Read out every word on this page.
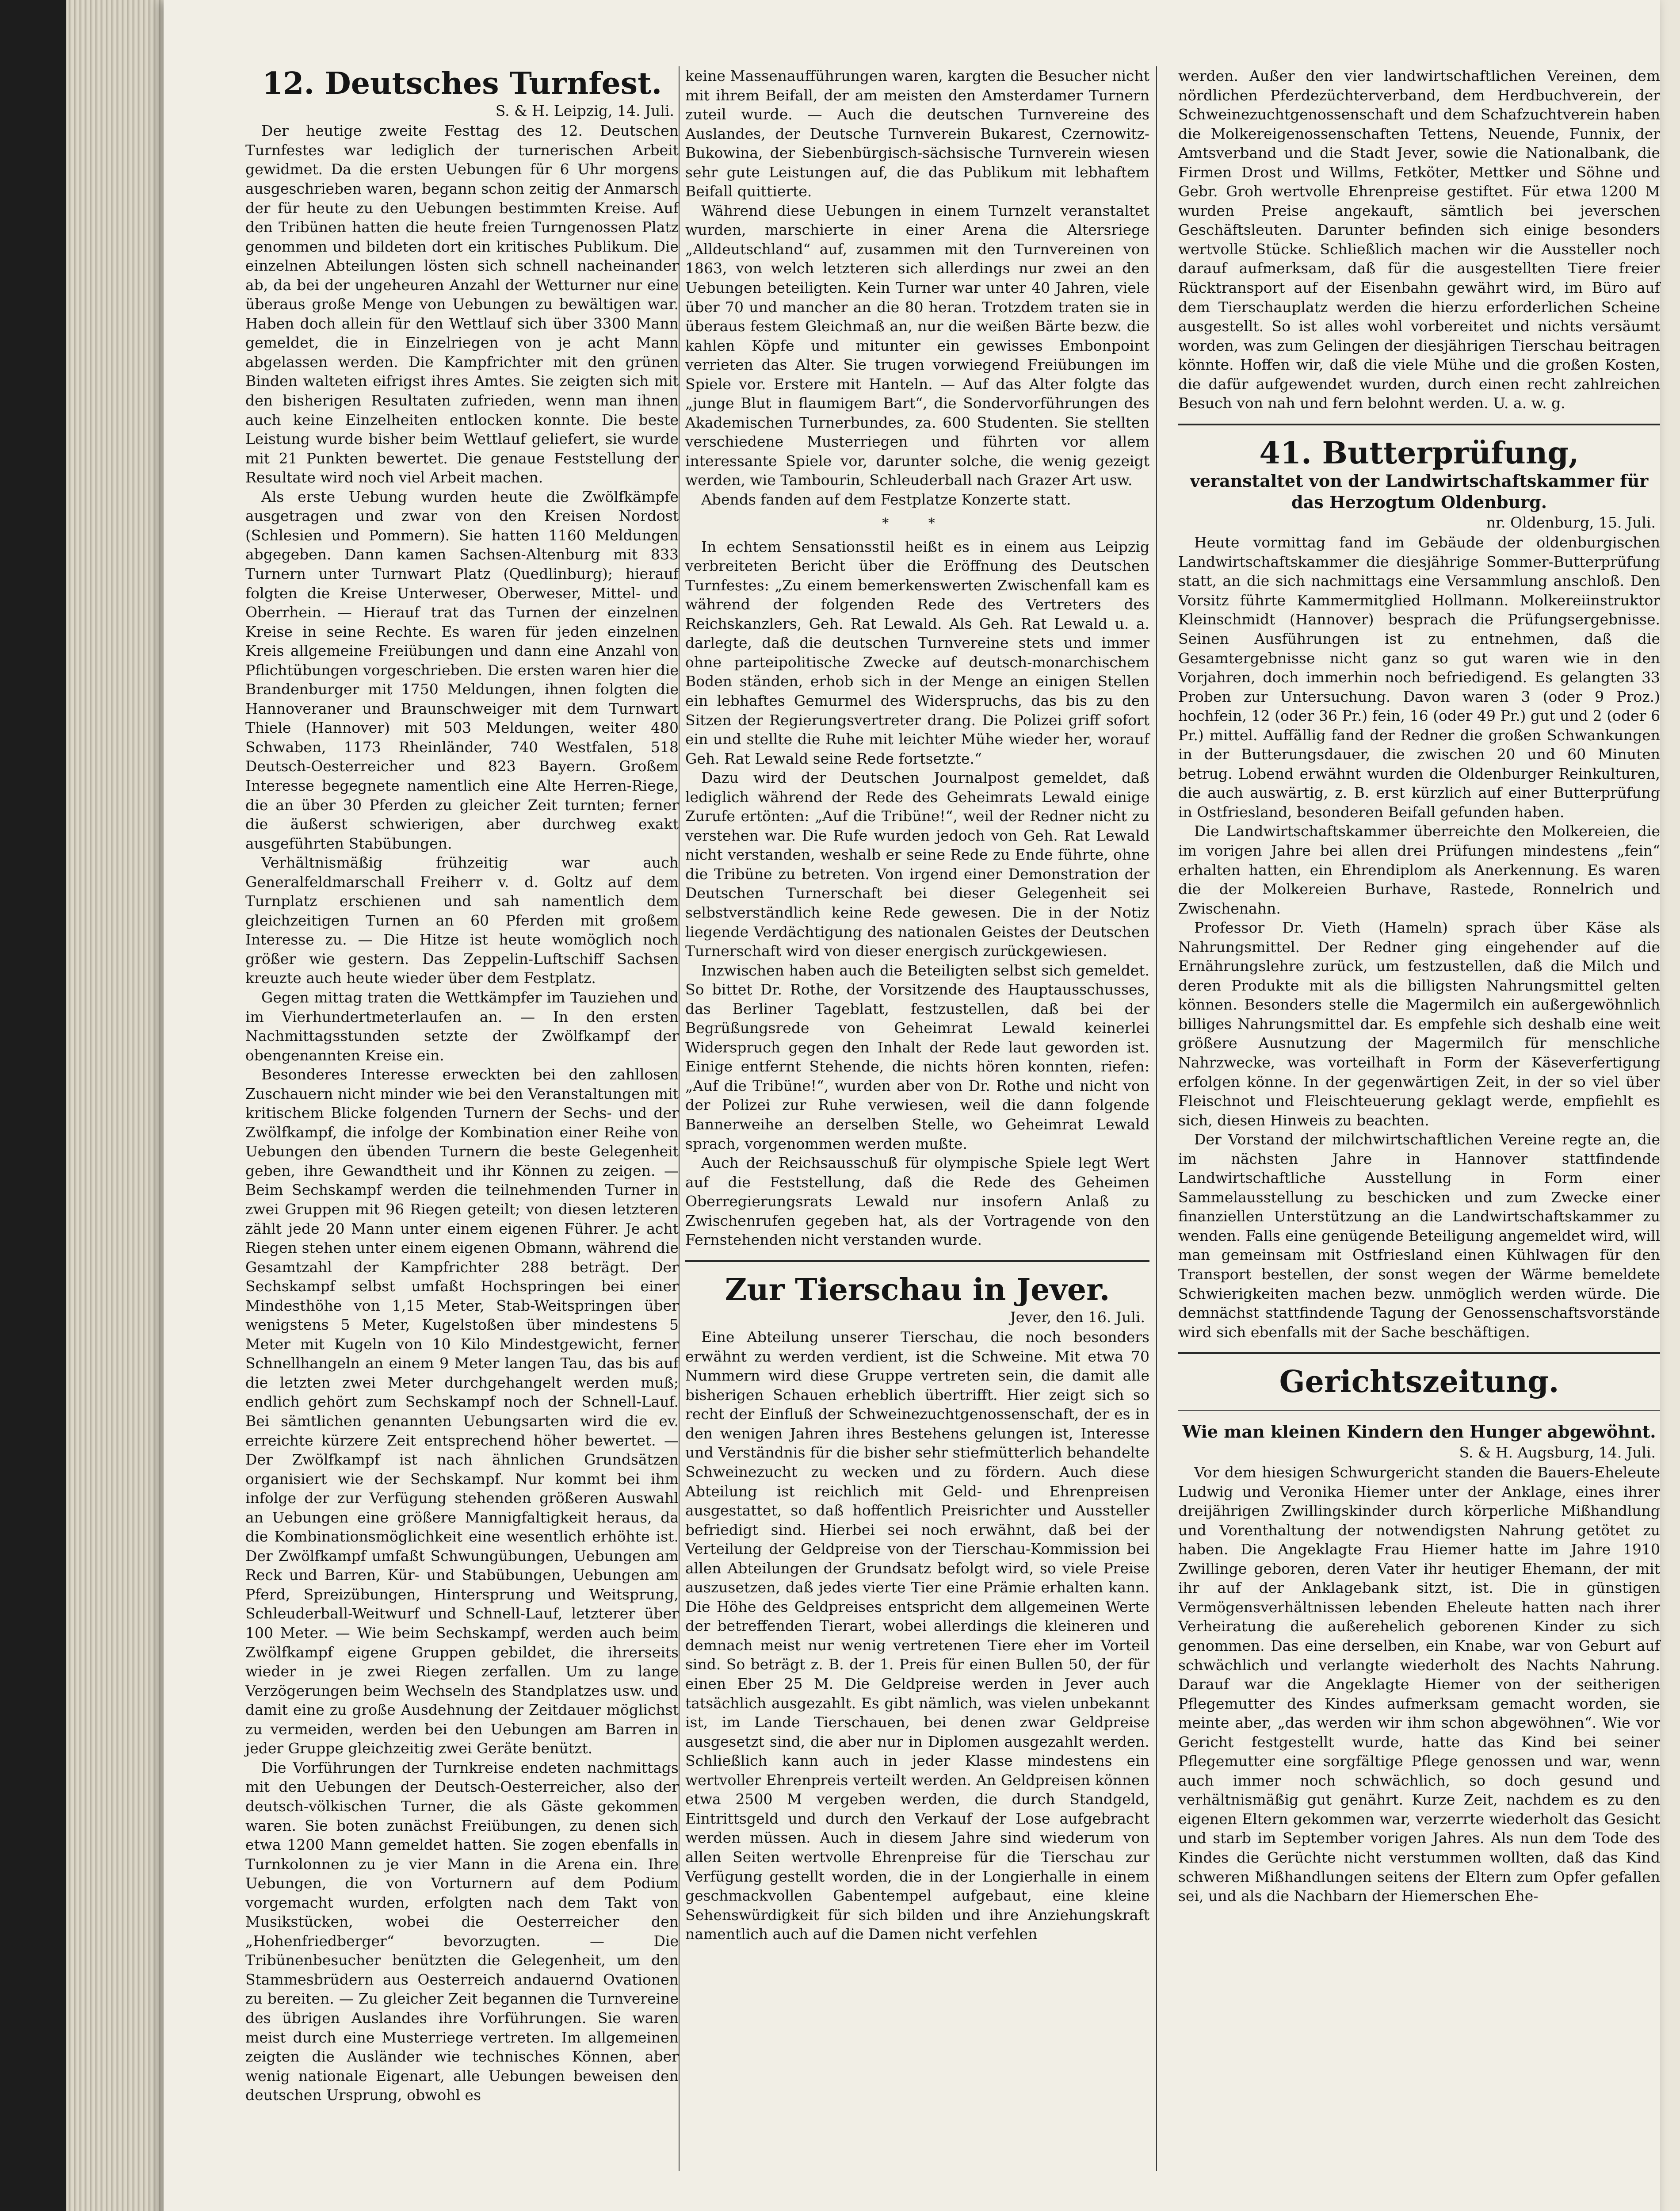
12. Deutsches Turnfest.

S. & H. Leipzig, 14. Juli.

Der heutige zweite Festtag des 12. Deutschen Turnfestes war lediglich der turnerischen Arbeit gewidmet. Da die ersten Uebungen für 6 Uhr morgens ausgeschrieben waren, begann schon zeitig der Anmarsch der für heute zu den Uebungen bestimmten Kreise. Auf den Tribünen hatten die heute freien Turngenossen Platz genommen und bildeten dort ein kritisches Publikum. Die einzelnen Abteilungen lösten sich schnell nacheinander ab, da bei der ungeheuren Anzahl der Wetturner nur eine überaus große Menge von Uebungen zu bewältigen war. Haben doch allein für den Wettlauf sich über 3300 Mann gemeldet, die in Einzelriegen von je acht Mann abgelassen werden. Die Kampfrichter mit den grünen Binden walteten eifrigst ihres Amtes. Sie zeigten sich mit den bisherigen Resultaten zufrieden, wenn man ihnen auch keine Einzelheiten entlocken konnte. Die beste Leistung wurde bisher beim Wettlauf geliefert, sie wurde mit 21 Punkten bewertet. Die genaue Feststellung der Resultate wird noch viel Arbeit machen.

Als erste Uebung wurden heute die Zwölfkämpfe ausgetragen und zwar von den Kreisen Nordost (Schlesien und Pommern). Sie hatten 1160 Meldungen abgegeben. Dann kamen Sachsen-Altenburg mit 833 Turnern unter Turnwart Platz (Quedlinburg); hierauf folgten die Kreise Unterweser, Oberweser, Mittel- und Oberrhein. — Hierauf trat das Turnen der einzelnen Kreise in seine Rechte. Es waren für jeden einzelnen Kreis allgemeine Freiübungen und dann eine Anzahl von Pflichtübungen vorgeschrieben. Die ersten waren hier die Brandenburger mit 1750 Meldungen, ihnen folgten die Hannoveraner und Braunschweiger mit dem Turnwart Thiele (Hannover) mit 503 Meldungen, weiter 480 Schwaben, 1173 Rheinländer, 740 Westfalen, 518 Deutsch-Oesterreicher und 823 Bayern. Großem Interesse begegnete namentlich eine Alte Herren-Riege, die an über 30 Pferden zu gleicher Zeit turnten; ferner die äußerst schwierigen, aber durchweg exakt ausgeführten Stabübungen.

Verhältnismäßig frühzeitig war auch Generalfeldmarschall Freiherr v. d. Goltz auf dem Turnplatz erschienen und sah namentlich dem gleichzeitigen Turnen an 60 Pferden mit großem Interesse zu. — Die Hitze ist heute womöglich noch größer wie gestern. Das Zeppelin-Luftschiff Sachsen kreuzte auch heute wieder über dem Festplatz.

Gegen mittag traten die Wettkämpfer im Tauziehen und im Vierhundertmeterlaufen an. — In den ersten Nachmittagsstunden setzte der Zwölfkampf der obengenannten Kreise ein.

Besonderes Interesse erweckten bei den zahllosen Zuschauern nicht minder wie bei den Veranstaltungen mit kritischem Blicke folgenden Turnern der Sechs- und der Zwölfkampf, die infolge der Kombination einer Reihe von Uebungen den übenden Turnern die beste Gelegenheit geben, ihre Gewandtheit und ihr Können zu zeigen. — Beim Sechskampf werden die teilnehmenden Turner in zwei Gruppen mit 96 Riegen geteilt; von diesen letzteren zählt jede 20 Mann unter einem eigenen Führer. Je acht Riegen stehen unter einem eigenen Obmann, während die Gesamtzahl der Kampfrichter 288 beträgt. Der Sechskampf selbst umfaßt Hochspringen bei einer Mindesthöhe von 1,15 Meter, Stab-Weitspringen über wenigstens 5 Meter, Kugelstoßen über mindestens 5 Meter mit Kugeln von 10 Kilo Mindestgewicht, ferner Schnellhangeln an einem 9 Meter langen Tau, das bis auf die letzten zwei Meter durchgehangelt werden muß; endlich gehört zum Sechskampf noch der Schnell-Lauf. Bei sämtlichen genannten Uebungsarten wird die ev. erreichte kürzere Zeit entsprechend höher bewertet. — Der Zwölfkampf ist nach ähnlichen Grundsätzen organisiert wie der Sechskampf. Nur kommt bei ihm infolge der zur Verfügung stehenden größeren Auswahl an Uebungen eine größere Mannigfaltigkeit heraus, da die Kombinationsmöglichkeit eine wesentlich erhöhte ist. Der Zwölfkampf umfaßt Schwungübungen, Uebungen am Reck und Barren, Kür- und Stabübungen, Uebungen am Pferd, Spreizübungen, Hintersprung und Weitsprung, Schleuderball-Weitwurf und Schnell-Lauf, letzterer über 100 Meter. — Wie beim Sechskampf, werden auch beim Zwölfkampf eigene Gruppen gebildet, die ihrerseits wieder in je zwei Riegen zerfallen. Um zu lange Verzögerungen beim Wechseln des Standplatzes usw. und damit eine zu große Ausdehnung der Zeitdauer möglichst zu vermeiden, werden bei den Uebungen am Barren in jeder Gruppe gleichzeitig zwei Geräte benützt.

Die Vorführungen der Turnkreise endeten nachmittags mit den Uebungen der Deutsch-Oesterreicher, also der deutsch-völkischen Turner, die als Gäste gekommen waren. Sie boten zunächst Freiübungen, zu denen sich etwa 1200 Mann gemeldet hatten. Sie zogen ebenfalls in Turnkolonnen zu je vier Mann in die Arena ein. Ihre Uebungen, die von Vorturnern auf dem Podium vorgemacht wurden, erfolgten nach dem Takt von Musikstücken, wobei die Oesterreicher den „Hohenfriedberger“ bevorzugten. — Die Tribünenbesucher benützten die Gelegenheit, um den Stammesbrüdern aus Oesterreich andauernd Ovationen zu bereiten. — Zu gleicher Zeit begannen die Turnvereine des übrigen Auslandes ihre Vorführungen. Sie waren meist durch eine Musterriege vertreten. Im allgemeinen zeigten die Ausländer wie technisches Können, aber wenig nationale Eigenart, alle Uebungen beweisen den deutschen Ursprung, obwohl es

keine Massenaufführungen waren, kargten die Besucher nicht mit ihrem Beifall, der am meisten den Amsterdamer Turnern zuteil wurde. — Auch die deutschen Turnvereine des Auslandes, der Deutsche Turnverein Bukarest, Czernowitz-Bukowina, der Siebenbürgisch-sächsische Turnverein wiesen sehr gute Leistungen auf, die das Publikum mit lebhaftem Beifall quittierte.

Während diese Uebungen in einem Turnzelt veranstaltet wurden, marschierte in einer Arena die Altersriege „Alldeutschland“ auf, zusammen mit den Turnvereinen von 1863, von welch letzteren sich allerdings nur zwei an den Uebungen beteiligten. Kein Turner war unter 40 Jahren, viele über 70 und mancher an die 80 heran. Trotzdem traten sie in überaus festem Gleichmaß an, nur die weißen Bärte bezw. die kahlen Köpfe und mitunter ein gewisses Embonpoint verrieten das Alter. Sie trugen vorwiegend Freiübungen im Spiele vor. Erstere mit Hanteln. — Auf das Alter folgte das „junge Blut in flaumigem Bart“, die Sondervorführungen des Akademischen Turnerbundes, za. 600 Studenten. Sie stellten verschiedene Musterriegen und führten vor allem interessante Spiele vor, darunter solche, die wenig gezeigt werden, wie Tambourin, Schleuderball nach Grazer Art usw.

Abends fanden auf dem Festplatze Konzerte statt.

* *

In echtem Sensationsstil heißt es in einem aus Leipzig verbreiteten Bericht über die Eröffnung des Deutschen Turnfestes: „Zu einem bemerkenswerten Zwischenfall kam es während der folgenden Rede des Vertreters des Reichskanzlers, Geh. Rat Lewald. Als Geh. Rat Lewald u. a. darlegte, daß die deutschen Turnvereine stets und immer ohne parteipolitische Zwecke auf deutsch-monarchischem Boden ständen, erhob sich in der Menge an einigen Stellen ein lebhaftes Gemurmel des Widerspruchs, das bis zu den Sitzen der Regierungsvertreter drang. Die Polizei griff sofort ein und stellte die Ruhe mit leichter Mühe wieder her, worauf Geh. Rat Lewald seine Rede fortsetzte.“

Dazu wird der Deutschen Journalpost gemeldet, daß lediglich während der Rede des Geheimrats Lewald einige Zurufe ertönten: „Auf die Tribüne!“, weil der Redner nicht zu verstehen war. Die Rufe wurden jedoch von Geh. Rat Lewald nicht verstanden, weshalb er seine Rede zu Ende führte, ohne die Tribüne zu betreten. Von irgend einer Demonstration der Deutschen Turnerschaft bei dieser Gelegenheit sei selbstverständlich keine Rede gewesen. Die in der Notiz liegende Verdächtigung des nationalen Geistes der Deutschen Turnerschaft wird von dieser energisch zurückgewiesen.

Inzwischen haben auch die Beteiligten selbst sich gemeldet. So bittet Dr. Rothe, der Vorsitzende des Hauptausschusses, das Berliner Tageblatt, festzustellen, daß bei der Begrüßungsrede von Geheimrat Lewald keinerlei Widerspruch gegen den Inhalt der Rede laut geworden ist. Einige entfernt Stehende, die nichts hören konnten, riefen: „Auf die Tribüne!“, wurden aber von Dr. Rothe und nicht von der Polizei zur Ruhe verwiesen, weil die dann folgende Bannerweihe an derselben Stelle, wo Geheimrat Lewald sprach, vorgenommen werden mußte.

Auch der Reichsausschuß für olympische Spiele legt Wert auf die Feststellung, daß die Rede des Geheimen Oberregierungsrats Lewald nur insofern Anlaß zu Zwischenrufen gegeben hat, als der Vortragende von den Fernstehenden nicht verstanden wurde.

Zur Tierschau in Jever.

Jever, den 16. Juli.

Eine Abteilung unserer Tierschau, die noch besonders erwähnt zu werden verdient, ist die Schweine. Mit etwa 70 Nummern wird diese Gruppe vertreten sein, die damit alle bisherigen Schauen erheblich übertrifft. Hier zeigt sich so recht der Einfluß der Schweinezuchtgenossenschaft, der es in den wenigen Jahren ihres Bestehens gelungen ist, Interesse und Verständnis für die bisher sehr stiefmütterlich behandelte Schweinezucht zu wecken und zu fördern. Auch diese Abteilung ist reichlich mit Geld- und Ehrenpreisen ausgestattet, so daß hoffentlich Preisrichter und Aussteller befriedigt sind. Hierbei sei noch erwähnt, daß bei der Verteilung der Geldpreise von der Tierschau-Kommission bei allen Abteilungen der Grundsatz befolgt wird, so viele Preise auszusetzen, daß jedes vierte Tier eine Prämie erhalten kann. Die Höhe des Geldpreises entspricht dem allgemeinen Werte der betreffenden Tierart, wobei allerdings die kleineren und demnach meist nur wenig vertretenen Tiere eher im Vorteil sind. So beträgt z. B. der 1. Preis für einen Bullen 50, der für einen Eber 25 M. Die Geldpreise werden in Jever auch tatsächlich ausgezahlt. Es gibt nämlich, was vielen unbekannt ist, im Lande Tierschauen, bei denen zwar Geldpreise ausgesetzt sind, die aber nur in Diplomen ausgezahlt werden. Schließlich kann auch in jeder Klasse mindestens ein wertvoller Ehrenpreis verteilt werden. An Geldpreisen können etwa 2500 M vergeben werden, die durch Standgeld, Eintrittsgeld und durch den Verkauf der Lose aufgebracht werden müssen. Auch in diesem Jahre sind wiederum von allen Seiten wertvolle Ehrenpreise für die Tierschau zur Verfügung gestellt worden, die in der Longierhalle in einem geschmackvollen Gabentempel aufgebaut, eine kleine Sehenswürdigkeit für sich bilden und ihre Anziehungskraft namentlich auch auf die Damen nicht verfehlen

werden. Außer den vier landwirtschaftlichen Vereinen, dem nördlichen Pferdezüchterverband, dem Herdbuchverein, der Schweinezuchtgenossenschaft und dem Schafzuchtverein haben die Molkereigenossenschaften Tettens, Neuende, Funnix, der Amtsverband und die Stadt Jever, sowie die Nationalbank, die Firmen Drost und Willms, Fetköter, Mettker und Söhne und Gebr. Groh wertvolle Ehrenpreise gestiftet. Für etwa 1200 M wurden Preise angekauft, sämtlich bei jeverschen Geschäftsleuten. Darunter befinden sich einige besonders wertvolle Stücke. Schließlich machen wir die Aussteller noch darauf aufmerksam, daß für die ausgestellten Tiere freier Rücktransport auf der Eisenbahn gewährt wird, im Büro auf dem Tierschauplatz werden die hierzu erforderlichen Scheine ausgestellt. So ist alles wohl vorbereitet und nichts versäumt worden, was zum Gelingen der diesjährigen Tierschau beitragen könnte. Hoffen wir, daß die viele Mühe und die großen Kosten, die dafür aufgewendet wurden, durch einen recht zahlreichen Besuch von nah und fern belohnt werden. U. a. w. g.

41. Butterprüfung,

veranstaltet von der Landwirtschaftskammer für das Herzogtum Oldenburg.

nr. Oldenburg, 15. Juli.

Heute vormittag fand im Gebäude der oldenburgischen Landwirtschaftskammer die diesjährige Sommer-Butterprüfung statt, an die sich nachmittags eine Versammlung anschloß. Den Vorsitz führte Kammermitglied Hollmann. Molkereiinstruktor Kleinschmidt (Hannover) besprach die Prüfungsergebnisse. Seinen Ausführungen ist zu entnehmen, daß die Gesamtergebnisse nicht ganz so gut waren wie in den Vorjahren, doch immerhin noch befriedigend. Es gelangten 33 Proben zur Untersuchung. Davon waren 3 (oder 9 Proz.) hochfein, 12 (oder 36 Pr.) fein, 16 (oder 49 Pr.) gut und 2 (oder 6 Pr.) mittel. Auffällig fand der Redner die großen Schwankungen in der Butterungsdauer, die zwischen 20 und 60 Minuten betrug. Lobend erwähnt wurden die Oldenburger Reinkulturen, die auch auswärtig, z. B. erst kürzlich auf einer Butterprüfung in Ostfriesland, besonderen Beifall gefunden haben.

Die Landwirtschaftskammer überreichte den Molkereien, die im vorigen Jahre bei allen drei Prüfungen mindestens „fein“ erhalten hatten, ein Ehrendiplom als Anerkennung. Es waren die der Molkereien Burhave, Rastede, Ronnelrich und Zwischenahn.

Professor Dr. Vieth (Hameln) sprach über Käse als Nahrungsmittel. Der Redner ging eingehender auf die Ernährungslehre zurück, um festzustellen, daß die Milch und deren Produkte mit als die billigsten Nahrungsmittel gelten können. Besonders stelle die Magermilch ein außergewöhnlich billiges Nahrungsmittel dar. Es empfehle sich deshalb eine weit größere Ausnutzung der Magermilch für menschliche Nahrzwecke, was vorteilhaft in Form der Käseverfertigung erfolgen könne. In der gegenwärtigen Zeit, in der so viel über Fleischnot und Fleischteuerung geklagt werde, empfiehlt es sich, diesen Hinweis zu beachten.

Der Vorstand der milchwirtschaftlichen Vereine regte an, die im nächsten Jahre in Hannover stattfindende Landwirtschaftliche Ausstellung in Form einer Sammelausstellung zu beschicken und zum Zwecke einer finanziellen Unterstützung an die Landwirtschaftskammer zu wenden. Falls eine genügende Beteiligung angemeldet wird, will man gemeinsam mit Ostfriesland einen Kühlwagen für den Transport bestellen, der sonst wegen der Wärme bemeldete Schwierigkeiten machen bezw. unmöglich werden würde. Die demnächst stattfindende Tagung der Genossenschaftsvorstände wird sich ebenfalls mit der Sache beschäftigen.

Gerichtszeitung.

Wie man kleinen Kindern den Hunger abgewöhnt.

S. & H. Augsburg, 14. Juli.

Vor dem hiesigen Schwurgericht standen die Bauers-Eheleute Ludwig und Veronika Hiemer unter der Anklage, eines ihrer dreijährigen Zwillingskinder durch körperliche Mißhandlung und Vorenthaltung der notwendigsten Nahrung getötet zu haben. Die Angeklagte Frau Hiemer hatte im Jahre 1910 Zwillinge geboren, deren Vater ihr heutiger Ehemann, der mit ihr auf der Anklagebank sitzt, ist. Die in günstigen Vermögensverhältnissen lebenden Eheleute hatten nach ihrer Verheiratung die außerehelich geborenen Kinder zu sich genommen. Das eine derselben, ein Knabe, war von Geburt auf schwächlich und verlangte wiederholt des Nachts Nahrung. Darauf war die Angeklagte Hiemer von der seitherigen Pflegemutter des Kindes aufmerksam gemacht worden, sie meinte aber, „das werden wir ihm schon abgewöhnen“. Wie vor Gericht festgestellt wurde, hatte das Kind bei seiner Pflegemutter eine sorgfältige Pflege genossen und war, wenn auch immer noch schwächlich, so doch gesund und verhältnismäßig gut genährt. Kurze Zeit, nachdem es zu den eigenen Eltern gekommen war, verzerrte wiederholt das Gesicht und starb im September vorigen Jahres. Als nun dem Tode des Kindes die Gerüchte nicht verstummen wollten, daß das Kind schweren Mißhandlungen seitens der Eltern zum Opfer gefallen sei, und als die Nachbarn der Hiemerschen Ehe-
